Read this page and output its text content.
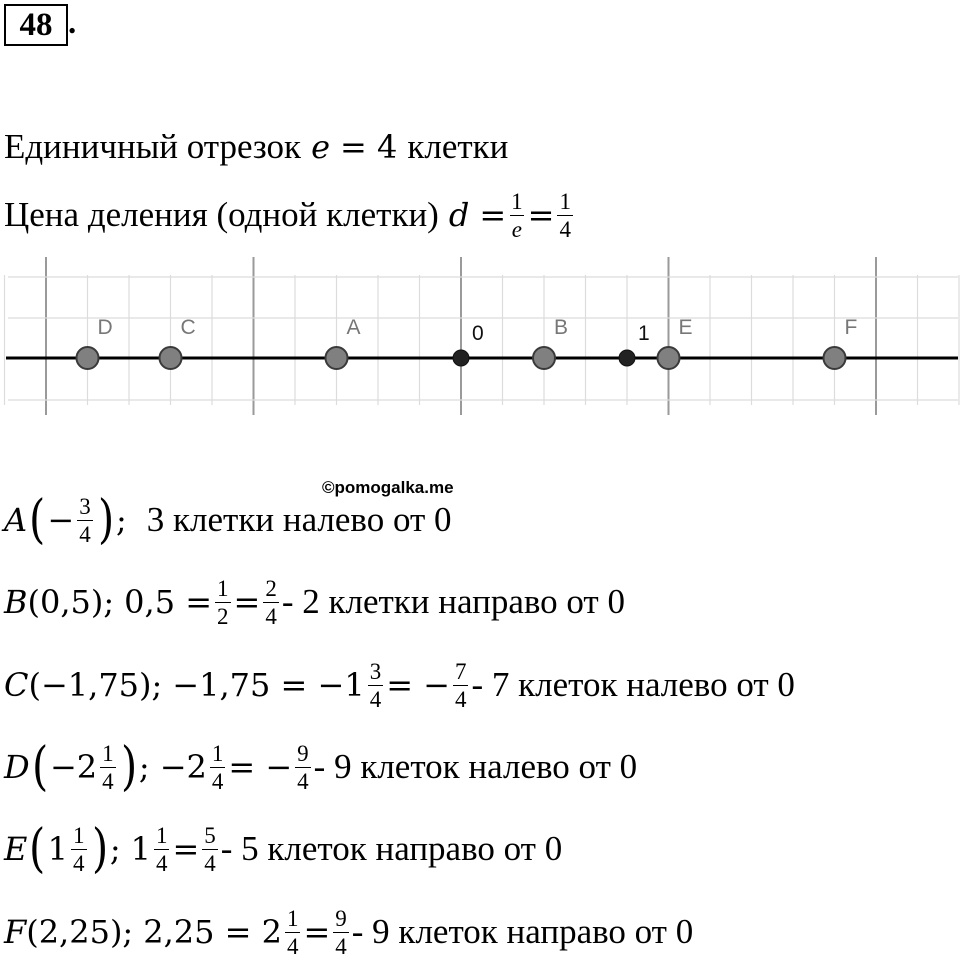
48 .
Единичный отрезок e = 4 клетки
Цена деления (одной клетки) $d = \frac{1}{e} = \frac{1}{4}$
D	C	A	0	B	1 E	F
©pomogalka.me
A ( − $\frac{3}{4}$ ) ; 3 клетки налево от 0
B (0,5); $0,5 = \frac{1}{2} = \frac{2}{4} - 2$ клетки направо от 0
C (−1,75); $-1,75 = -1 \frac{3}{4}$ = − $\frac{7}{4} - 7$ клеток налево от 0
D ( $-2 \frac{1}{4}$ ) ; $-2 \frac{1}{4}$ = − $\frac{9}{4} - 9$ клеток налево от 0
E ( $1 \frac{1}{4}$ ) ; $1 \frac{1}{4} = \frac{5}{4} - 5$ клеток направо от 0
F (2,25); $2,25 = 2 \frac{1}{4} = \frac{9}{4} - 9$ клеток направо от 0
